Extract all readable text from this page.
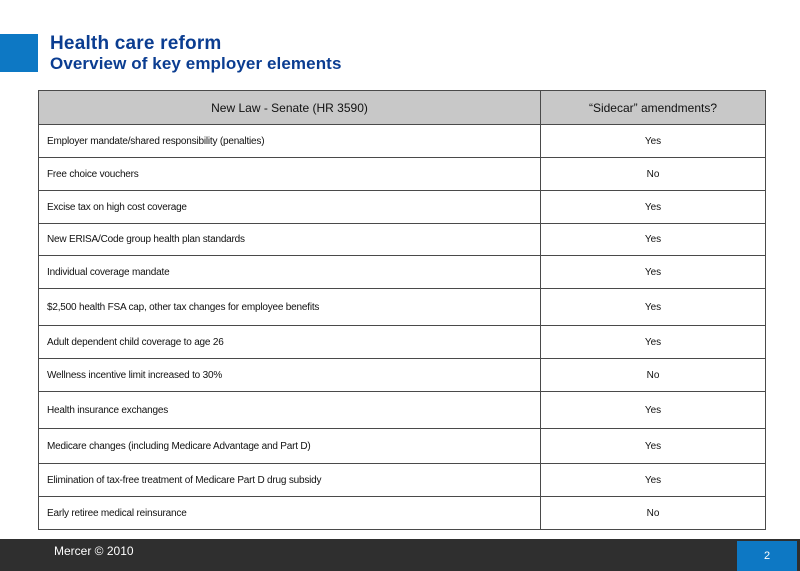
Health care reform
Overview of key employer elements
New Law - Senate (HR 3590)	“Sidecar” amendments?
Employer mandate/shared responsibility (penalties)	Yes
Free choice vouchers	No
Excise tax on high cost coverage	Yes
New ERISA/Code group health plan standards	Yes
Individual coverage mandate	Yes
$2,500 health FSA cap, other tax changes for employee benefits	Yes
Adult dependent child coverage to age 26	Yes
Wellness incentive limit increased to 30%	No
Health insurance exchanges	Yes
Medicare changes (including Medicare Advantage and Part D)	Yes
Elimination of tax-free treatment of Medicare Part D drug subsidy	Yes
Early retiree medical reinsurance	No
Mercer © 2010	2
